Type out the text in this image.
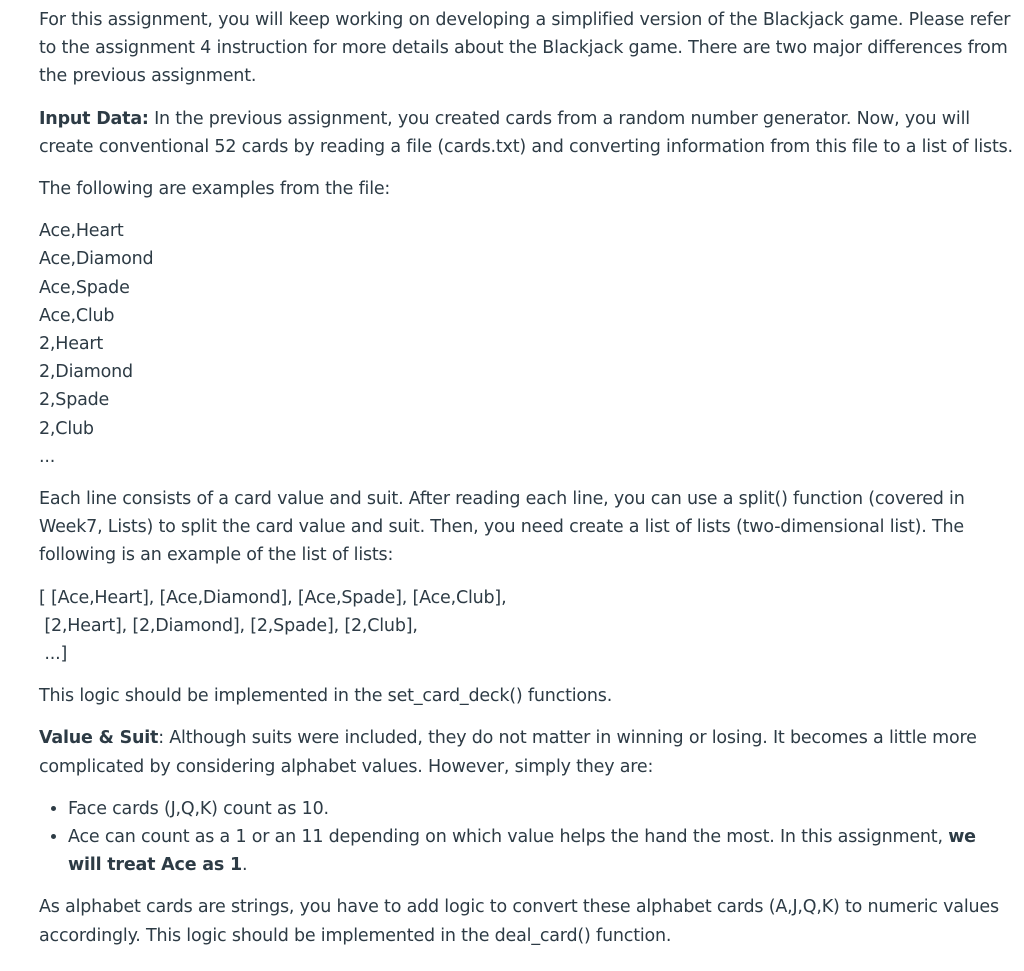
For this assignment, you will keep working on developing a simplified version of the Blackjack game. Please refer to the assignment 4 instruction for more details about the Blackjack game. There are two major differences from the previous assignment.

Input Data: In the previous assignment, you created cards from a random number generator. Now, you will create conventional 52 cards by reading a file (cards.txt) and converting information from this file to a list of lists.

The following are examples from the file:

Ace,Heart
Ace,Diamond
Ace,Spade
Ace,Club
2,Heart
2,Diamond
2,Spade
2,Club
...

Each line consists of a card value and suit. After reading each line, you can use a split() function (covered in Week7, Lists) to split the card value and suit. Then, you need create a list of lists (two-dimensional list). The following is an example of the list of lists:

[ [Ace,Heart], [Ace,Diamond], [Ace,Spade], [Ace,Club],
[2,Heart], [2,Diamond], [2,Spade], [2,Club],
...]

This logic should be implemented in the set_card_deck() functions.

Value & Suit: Although suits were included, they do not matter in winning or losing. It becomes a little more complicated by considering alphabet values. However, simply they are:

• Face cards (J,Q,K) count as 10.
• Ace can count as a 1 or an 11 depending on which value helps the hand the most. In this assignment, we will treat Ace as 1.

As alphabet cards are strings, you have to add logic to convert these alphabet cards (A,J,Q,K) to numeric values accordingly. This logic should be implemented in the deal_card() function.
